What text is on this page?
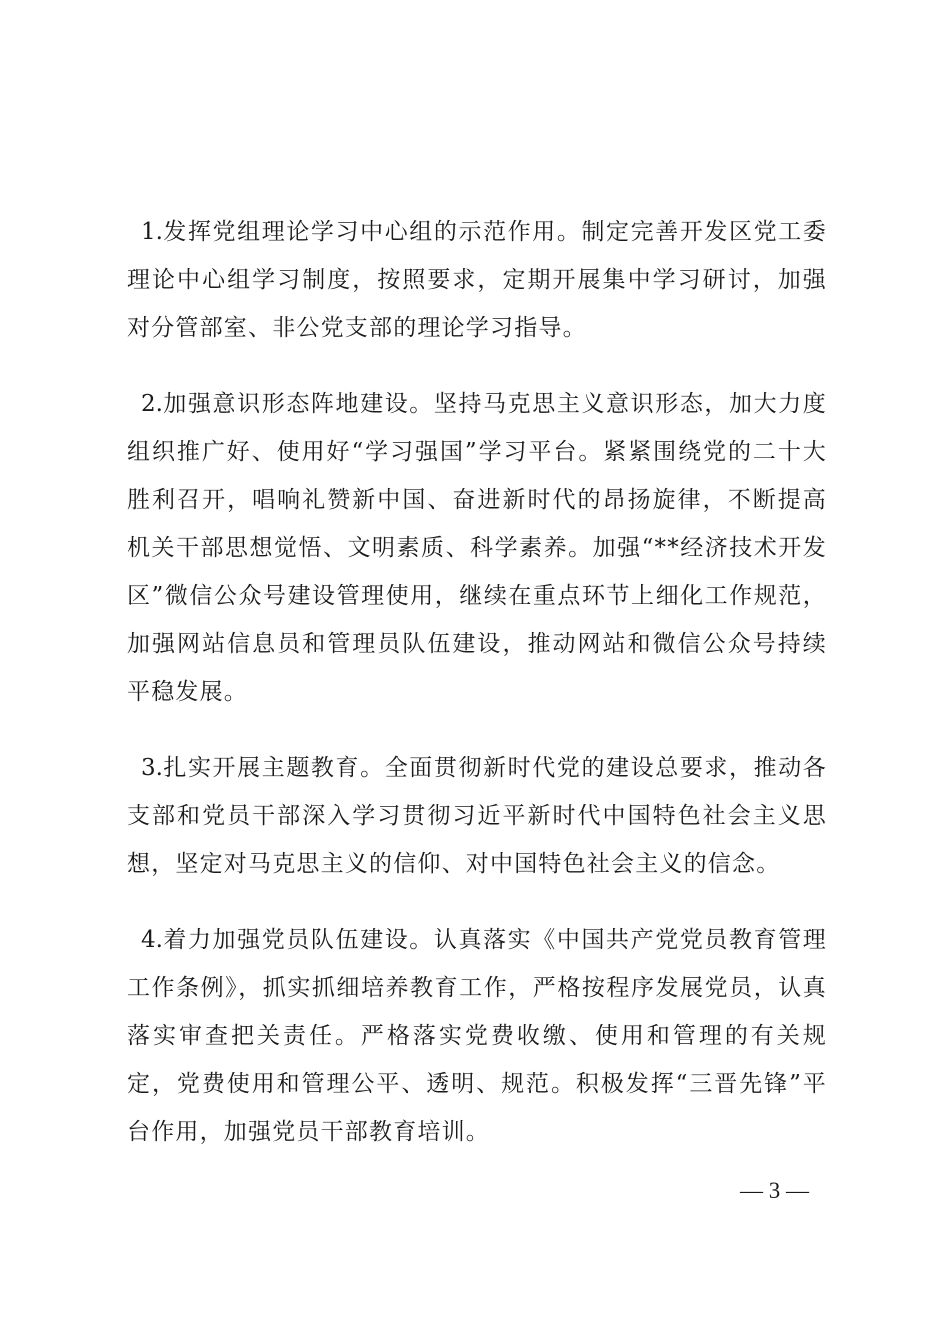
1.发挥党组理论学习中心组的示范作用。制定完善开发区党工委理论中心组学习制度，按照要求，定期开展集中学习研讨，加强对分管部室、非公党支部的理论学习指导。

2.加强意识形态阵地建设。坚持马克思主义意识形态，加大力度组织推广好、使用好“学习强国”学习平台。紧紧围绕党的二十大胜利召开，唱响礼赞新中国、奋进新时代的昂扬旋律，不断提高机关干部思想觉悟、文明素质、科学素养。加强“**经济技术开发区”微信公众号建设管理使用，继续在重点环节上细化工作规范，加强网站信息员和管理员队伍建设，推动网站和微信公众号持续平稳发展。

3.扎实开展主题教育。全面贯彻新时代党的建设总要求，推动各支部和党员干部深入学习贯彻习近平新时代中国特色社会主义思想，坚定对马克思主义的信仰、对中国特色社会主义的信念。

4.着力加强党员队伍建设。认真落实《中国共产党党员教育管理工作条例》，抓实抓细培养教育工作，严格按程序发展党员，认真落实审查把关责任。严格落实党费收缴、使用和管理的有关规定，党费使用和管理公平、透明、规范。积极发挥“三晋先锋”平台作用，加强党员干部教育培训。

— 3 —
